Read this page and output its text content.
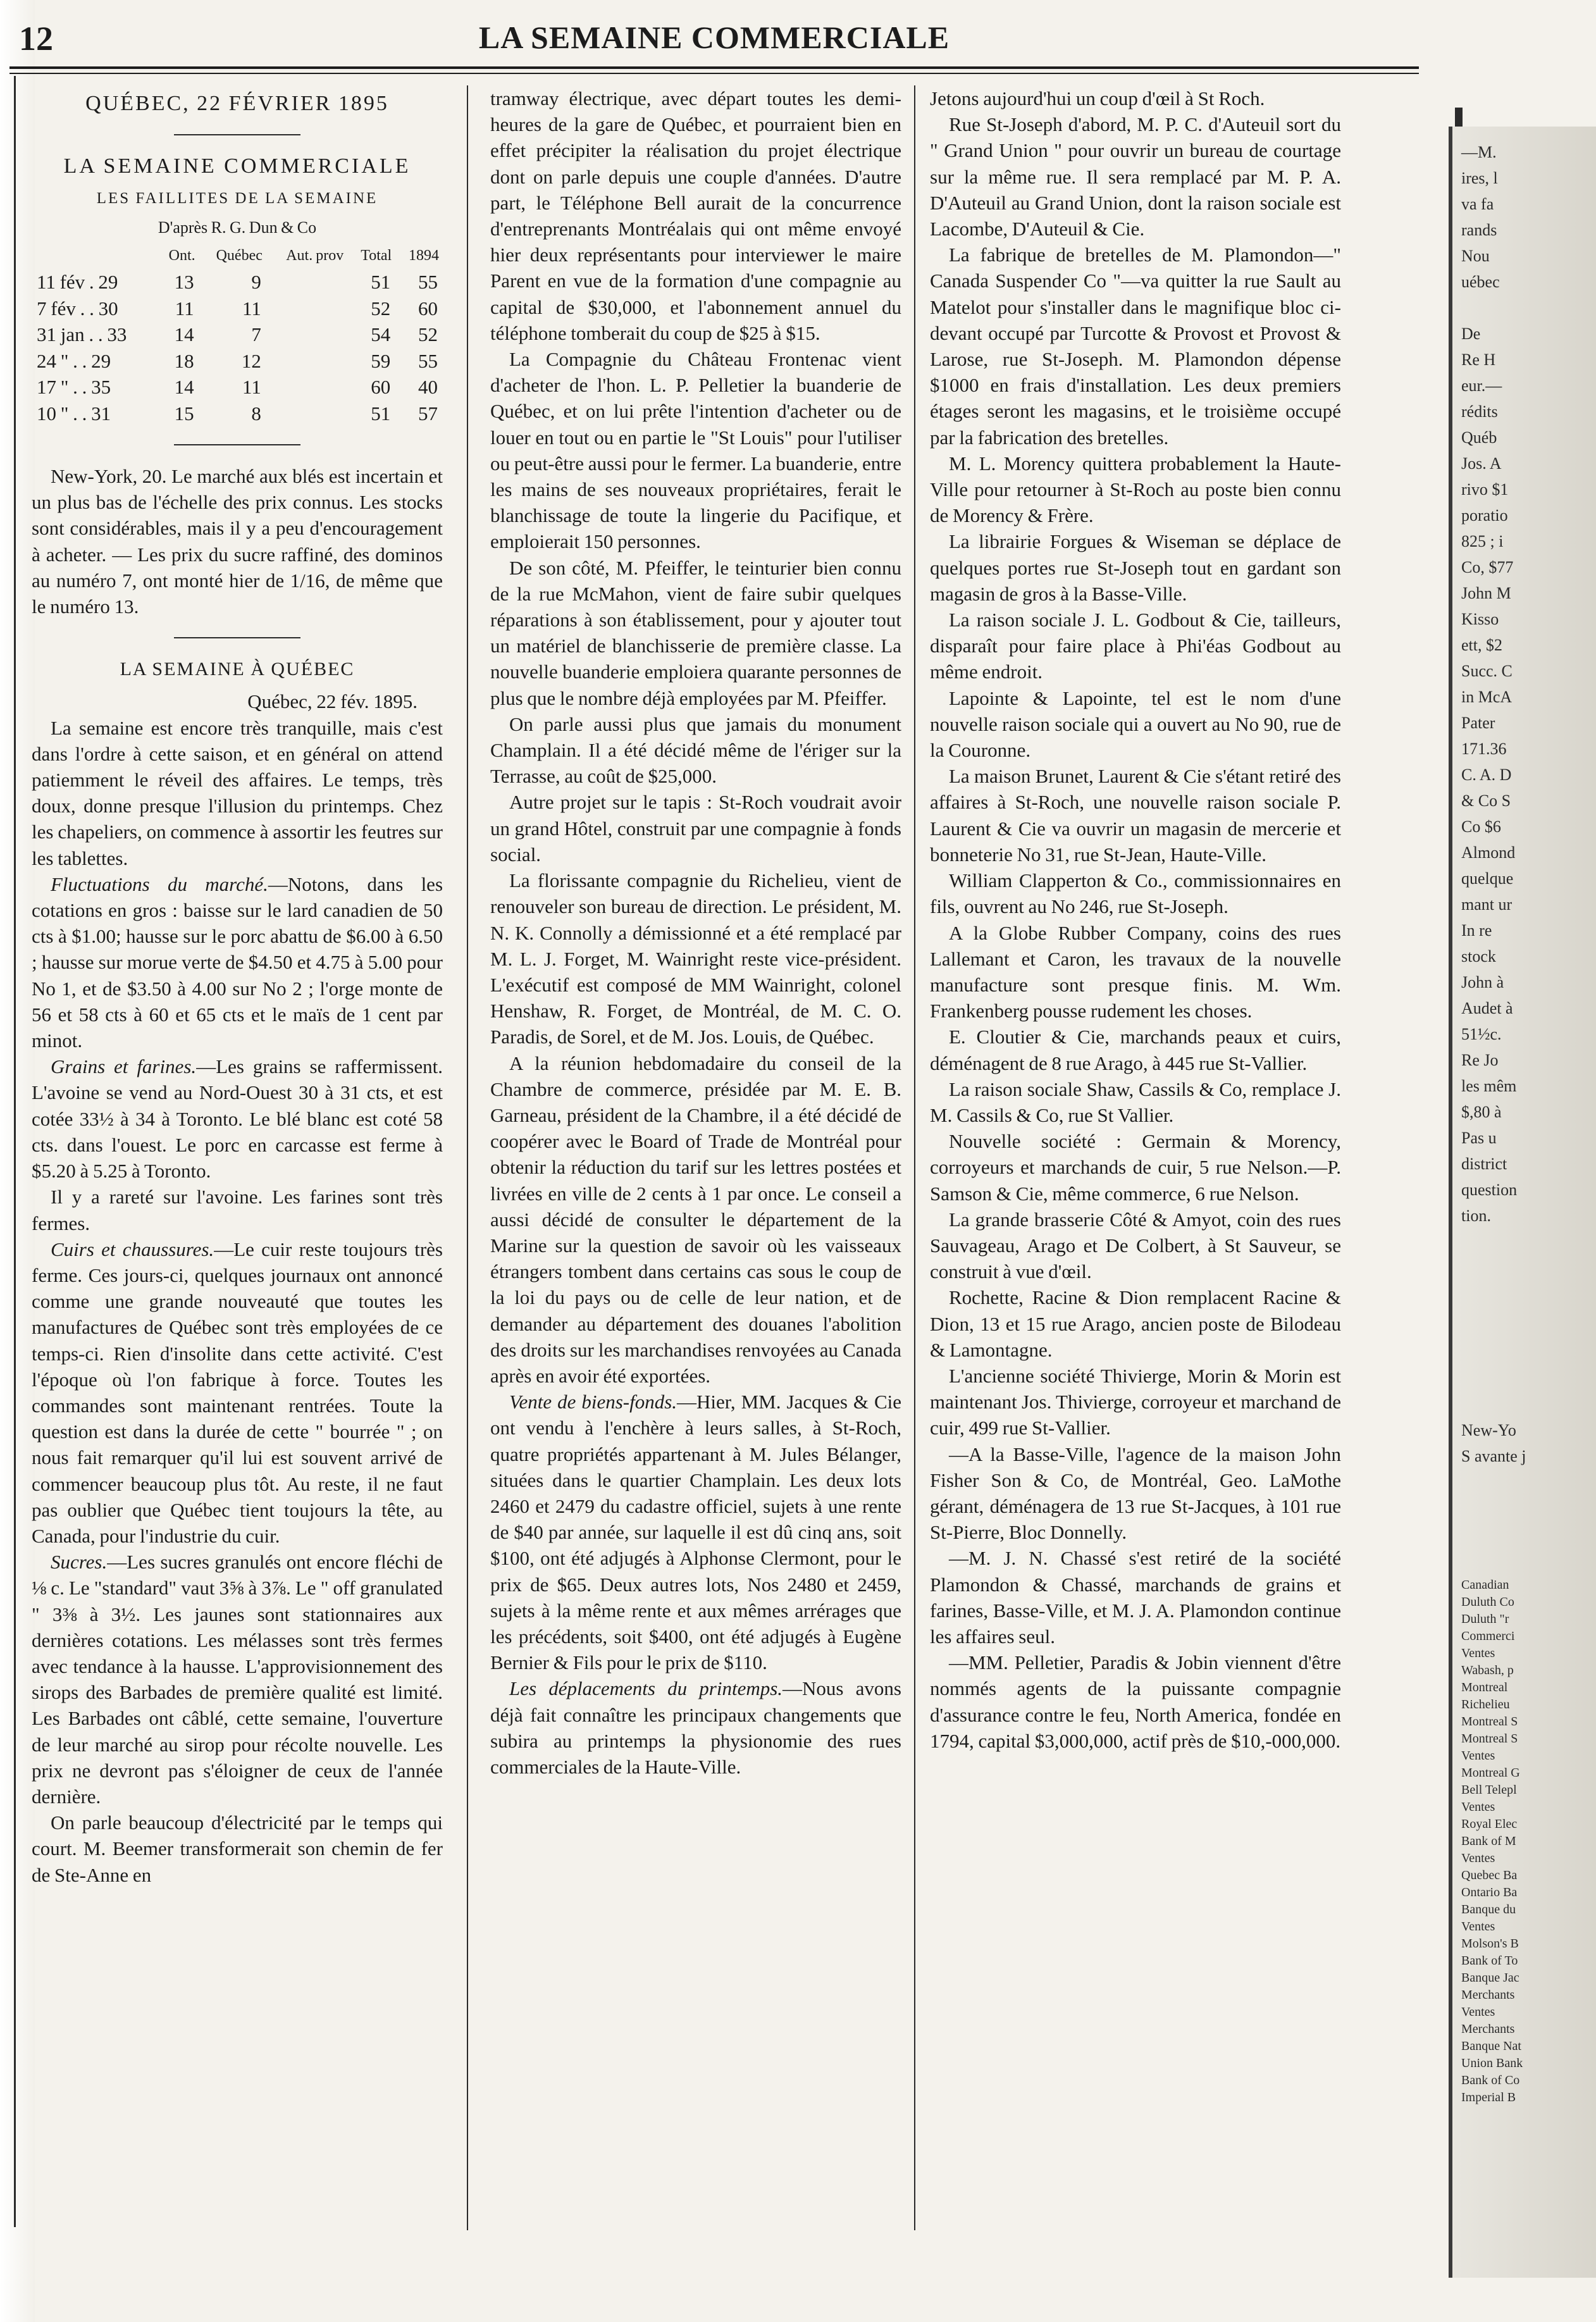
12	LA SEMAINE COMMERCIALE
QUÉBEC, 22 FÉVRIER 1895
LA SEMAINE COMMERCIALE
LES FAILLITES DE LA SEMAINE
D'après R. G. Dun & Co
	Ont.	Québec	Aut. prov	Total	1894
11 fév . 29	13	9		51	55
7 fév . . 30	11	11		52	60
31 jan . . 33	14	7		54	52
24 " . . 29	18	12		59	55
17 " . . 35	14	11		60	40
10 " . . 31	15	8		51	57

New-York, 20. Le marché aux blés est incertain et un plus bas de l'échelle des prix connus. Les stocks sont considérables, mais il y a peu d'encouragement à acheter. — Les prix du sucre raffiné, des dominos au numéro 7, ont monté hier de 1/16, de même que le numéro 13.

LA SEMAINE À QUÉBEC

Québec, 22 fév. 1895.

La semaine est encore très tranquille, mais c'est dans l'ordre à cette saison, et en général on attend patiemment le réveil des affaires. Le temps, très doux, donne presque l'illusion du printemps. Chez les chapeliers, on commence à assortir les feutres sur les tablettes.

Fluctuations du marché.—Notons, dans les cotations en gros : baisse sur le lard canadien de 50 cts à $1.00; hausse sur le porc abattu de $6.00 à 6.50 ; hausse sur morue verte de $4.50 et 4.75 à 5.00 pour No 1, et de $3.50 à 4.00 sur No 2 ; l'orge monte de 56 et 58 cts à 60 et 65 cts et le maïs de 1 cent par minot.

Grains et farines.—Les grains se raffermissent. L'avoine se vend au Nord-Ouest 30 à 31 cts, et est cotée 33½ à 34 à Toronto. Le blé blanc est coté 58 cts. dans l'ouest. Le porc en carcasse est ferme à $5.20 à 5.25 à Toronto.

Il y a rareté sur l'avoine. Les farines sont très fermes.

Cuirs et chaussures.—Le cuir reste toujours très ferme. Ces jours-ci, quelques journaux ont annoncé comme une grande nouveauté que toutes les manufactures de Québec sont très employées de ce temps-ci. Rien d'insolite dans cette activité. C'est l'époque où l'on fabrique à force. Toutes les commandes sont maintenant rentrées. Toute la question est dans la durée de cette " bourrée " ; on nous fait remarquer qu'il lui est souvent arrivé de commencer beaucoup plus tôt. Au reste, il ne faut pas oublier que Québec tient toujours la tête, au Canada, pour l'industrie du cuir.

Sucres.—Les sucres granulés ont encore fléchi de ⅛ c. Le "standard" vaut 3⅝ à 3⅞. Le " off granulated " 3⅜ à 3½. Les jaunes sont stationnaires aux dernières cotations. Les mélasses sont très fermes avec tendance à la hausse. L'approvisionnement des sirops des Barbades de première qualité est limité. Les Barbades ont câblé, cette semaine, l'ouverture de leur marché au sirop pour récolte nouvelle. Les prix ne devront pas s'éloigner de ceux de l'année dernière.

On parle beaucoup d'électricité par le temps qui court. M. Beemer transformerait son chemin de fer de Ste-Anne en

tramway électrique, avec départ toutes les demi-heures de la gare de Québec, et pourraient bien en effet précipiter la réalisation du projet électrique dont on parle depuis une couple d'années. D'autre part, le Téléphone Bell aurait de la concurrence d'entreprenants Montréalais qui ont même envoyé hier deux représentants pour interviewer le maire Parent en vue de la formation d'une compagnie au capital de $30,000, et l'abonnement annuel du téléphone tomberait du coup de $25 à $15.

La Compagnie du Château Frontenac vient d'acheter de l'hon. L. P. Pelletier la buanderie de Québec, et on lui prête l'intention d'acheter ou de louer en tout ou en partie le "St Louis" pour l'utiliser ou peut-être aussi pour le fermer. La buanderie, entre les mains de ses nouveaux propriétaires, ferait le blanchissage de toute la lingerie du Pacifique, et emploierait 150 personnes.

De son côté, M. Pfeiffer, le teinturier bien connu de la rue McMahon, vient de faire subir quelques réparations à son établissement, pour y ajouter tout un matériel de blanchisserie de première classe. La nouvelle buanderie emploiera quarante personnes de plus que le nombre déjà employées par M. Pfeiffer.

On parle aussi plus que jamais du monument Champlain. Il a été décidé même de l'ériger sur la Terrasse, au coût de $25,000.

Autre projet sur le tapis : St-Roch voudrait avoir un grand Hôtel, construit par une compagnie à fonds social.

La florissante compagnie du Richelieu, vient de renouveler son bureau de direction. Le président, M. N. K. Connolly a démissionné et a été remplacé par M. L. J. Forget, M. Wainright reste vice-président. L'exécutif est composé de MM Wainright, colonel Henshaw, R. Forget, de Montréal, de M. C. O. Paradis, de Sorel, et de M. Jos. Louis, de Québec.

A la réunion hebdomadaire du conseil de la Chambre de commerce, présidée par M. E. B. Garneau, président de la Chambre, il a été décidé de coopérer avec le Board of Trade de Montréal pour obtenir la réduction du tarif sur les lettres postées et livrées en ville de 2 cents à 1 par once. Le conseil a aussi décidé de consulter le département de la Marine sur la question de savoir où les vaisseaux étrangers tombent dans certains cas sous le coup de la loi du pays ou de celle de leur nation, et de demander au département des douanes l'abolition des droits sur les marchandises renvoyées au Canada après en avoir été exportées.

Vente de biens-fonds.—Hier, MM. Jacques & Cie ont vendu à l'enchère à leurs salles, à St-Roch, quatre propriétés appartenant à M. Jules Bélanger, situées dans le quartier Champlain. Les deux lots 2460 et 2479 du cadastre officiel, sujets à une rente de $40 par année, sur laquelle il est dû cinq ans, soit $100, ont été adjugés à Alphonse Clermont, pour le prix de $65. Deux autres lots, Nos 2480 et 2459, sujets à la même rente et aux mêmes arrérages que les précédents, soit $400, ont été adjugés à Eugène Bernier & Fils pour le prix de $110.

Les déplacements du printemps.—Nous avons déjà fait connaître les principaux changements que subira au printemps la physionomie des rues commerciales de la Haute-Ville.

Jetons aujourd'hui un coup d'œil à St Roch.

Rue St-Joseph d'abord, M. P. C. d'Auteuil sort du " Grand Union " pour ouvrir un bureau de courtage sur la même rue. Il sera remplacé par M. P. A. D'Auteuil au Grand Union, dont la raison sociale est Lacombe, D'Auteuil & Cie.

La fabrique de bretelles de M. Plamondon—" Canada Suspender Co "—va quitter la rue Sault au Matelot pour s'installer dans le magnifique bloc ci-devant occupé par Turcotte & Provost et Provost & Larose, rue St-Joseph. M. Plamondon dépense $1000 en frais d'installation. Les deux premiers étages seront les magasins, et le troisième occupé par la fabrication des bretelles.

M. L. Morency quittera probablement la Haute-Ville pour retourner à St-Roch au poste bien connu de Morency & Frère.

La librairie Forgues & Wiseman se déplace de quelques portes rue St-Joseph tout en gardant son magasin de gros à la Basse-Ville.

La raison sociale J. L. Godbout & Cie, tailleurs, disparaît pour faire place à Phi'éas Godbout au même endroit.

Lapointe & Lapointe, tel est le nom d'une nouvelle raison sociale qui a ouvert au No 90, rue de la Couronne.

La maison Brunet, Laurent & Cie s'étant retiré des affaires à St-Roch, une nouvelle raison sociale P. Laurent & Cie va ouvrir un magasin de mercerie et bonneterie No 31, rue St-Jean, Haute-Ville.

William Clapperton & Co., commissionnaires en fils, ouvrent au No 246, rue St-Joseph.

A la Globe Rubber Company, coins des rues Lallemant et Caron, les travaux de la nouvelle manufacture sont presque finis. M. Wm. Frankenberg pousse rudement les choses.

E. Cloutier & Cie, marchands peaux et cuirs, déménagent de 8 rue Arago, à 445 rue St-Vallier.

La raison sociale Shaw, Cassils & Co, remplace J. M. Cassils & Co, rue St Vallier.

Nouvelle société : Germain & Morency, corroyeurs et marchands de cuir, 5 rue Nelson.—P. Samson & Cie, même commerce, 6 rue Nelson.

La grande brasserie Côté & Amyot, coin des rues Sauvageau, Arago et De Colbert, à St Sauveur, se construit à vue d'œil.

Rochette, Racine & Dion remplacent Racine & Dion, 13 et 15 rue Arago, ancien poste de Bilodeau & Lamontagne.

L'ancienne société Thivierge, Morin & Morin est maintenant Jos. Thivierge, corroyeur et marchand de cuir, 499 rue St-Vallier.

—A la Basse-Ville, l'agence de la maison John Fisher Son & Co, de Montréal, Geo. LaMothe gérant, déménagera de 13 rue St-Jacques, à 101 rue St-Pierre, Bloc Donnelly.

—M. J. N. Chassé s'est retiré de la société Plamondon & Chassé, marchands de grains et farines, Basse-Ville, et M. J. A. Plamondon continue les affaires seul.

—MM. Pelletier, Paradis & Jobin viennent d'être nommés agents de la puissante compagnie d'assurance contre le feu, North America, fondée en 1794, capital $3,000,000, actif près de $10,-000,000.

—M.
ires, l
va fa
rands
Nou
uébec
De
Re H
eur.—
rédits
Québ
Jos. A
rivo $1
poratio
825 ; i
Co, $77
John M
Kisso
ett, $2
Succ. C
in McA
Pater
171.36
C. A. D
& Co S
Co $6
Almond
quelque
mant ur
In re
stock
John à
Audet à
51½c.
Re Jo
les mêm
$,80 à
Pas u
district
question
tion.
New-Yo
S avante j
Canadian
Duluth Co
Duluth "r
Commerci
Ventes
Wabash, p
Montreal
Richelieu
Montreal S
Montreal S
Ventes
Montreal G
Bell Telepl
Ventes
Royal Elec
Bank of M
Ventes
Quebec Ba
Ontario Ba
Banque du
Ventes
Molson's B
Bank of To
Banque Jac
Merchants
Ventes
Merchants
Banque Nat
Union Bank
Bank of Co
Imperial B
